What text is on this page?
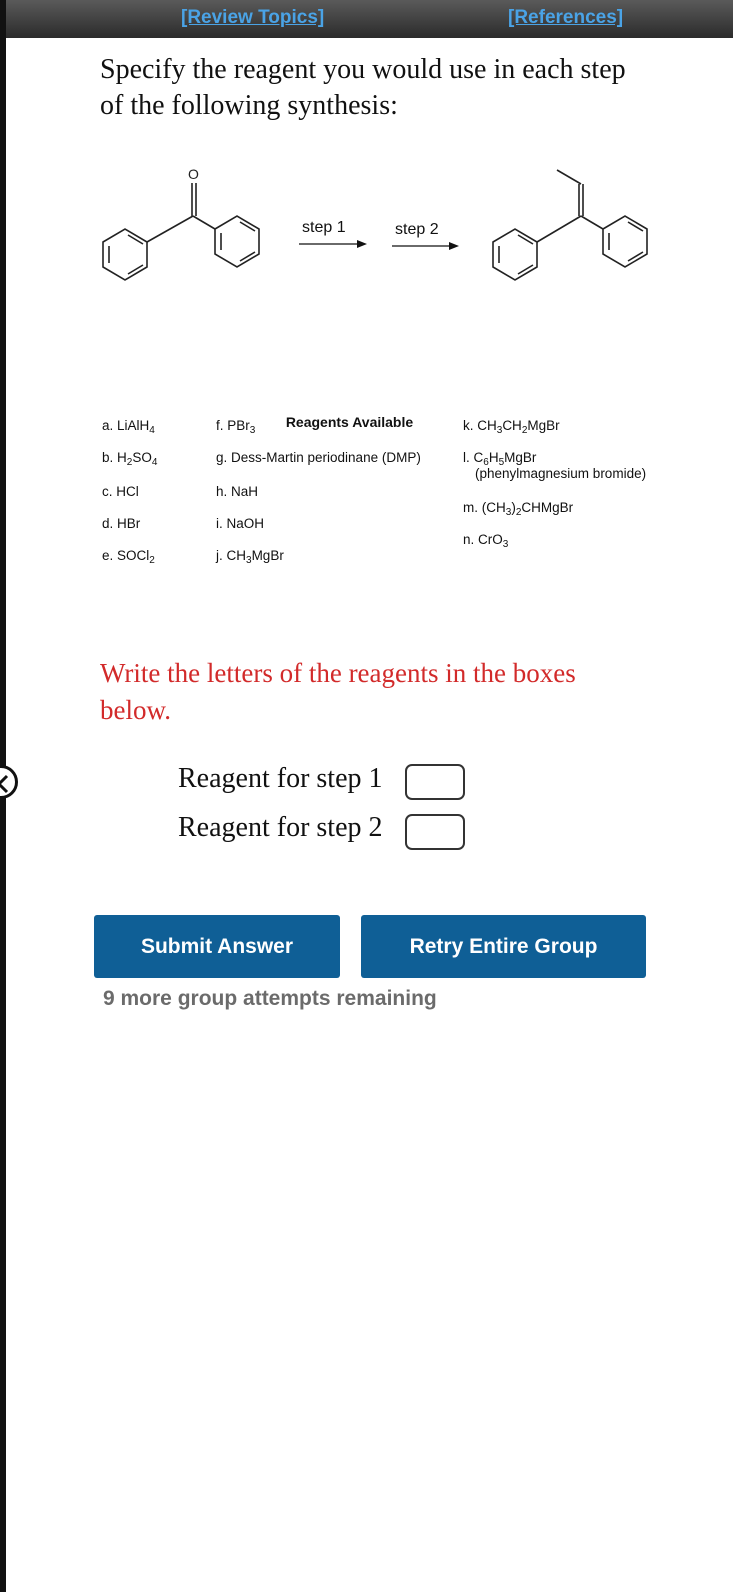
[Review Topics]	[References]
Specify the reagent you would use in each step
of the following synthesis:
O
step 1	step 2
Reagents Available
a. LiAlH$_4$
b. $H_2SO_4$
c. HCl
d. HBr
e. SOCl$_2$
f. PBr$_3$
g. Dess-Martin periodinane (DMP)
h. NaH
i. NaOH
j. $CH_3MgBr$
k. $CH_3CH_2MgBr$
l. $C_6H_5MgBr$
(phenylmagnesium bromide)
m. $(CH_3)_2CHMgBr$
n. CrO$_3$
Write the letters of the reagents in the boxes
below.
Reagent for step 1
Reagent for step 2
Submit Answer	Retry Entire Group
9 more group attempts remaining
